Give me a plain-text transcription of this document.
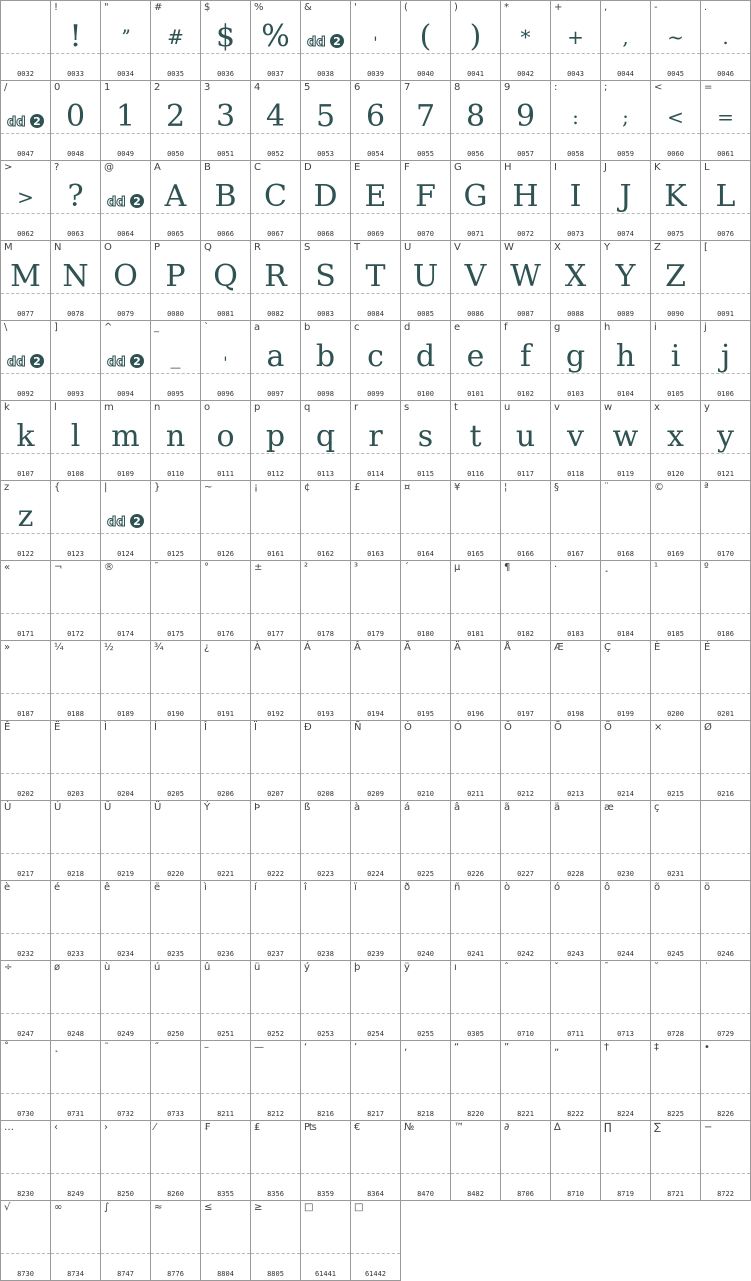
0032
!
!
0033
"
ˮ
0034
#
#
0035
$
$
0036
%
%
0037
&
dd 2
0038
'
'
0039
(
(
0040
)
)
0041
*
*
0042
+
+
0043
,
,
0044
-
~
0045
.
.
0046
/
dd 2
0047
0
0
0048
1
1
0049
2
2
0050
3
3
0051
4
4
0052
5
5
0053
6
6
0054
7
7
0055
8
8
0056
9
9
0057
:
:
0058
;
;
0059
<
<
0060
=
=
0061
>
>
0062
?
?
0063
@
dd 2
0064
A
A
0065
B
B
0066
C
C
0067
D
D
0068
E
E
0069
F
F
0070
G
G
0071
H
H
0072
I
I
0073
J
J
0074
K
K
0075
L
L
0076
M
M
0077
N
N
0078
O
O
0079
P
P
0080
Q
Q
0081
R
R
0082
S
S
0083
T
T
0084
U
U
0085
V
V
0086
W
W
0087
X
X
0088
Y
Y
0089
Z
Z
0090
[
0091
\
dd 2
0092
]
0093
^
dd 2
0094
_
_
0095
`
'
0096
a
a
0097
b
b
0098
c
c
0099
d
d
0100
e
e
0101
f
f
0102
g
g
0103
h
h
0104
i
i
0105
j
j
0106
k
k
0107
l
l
0108
m
m
0109
n
n
0110
o
o
0111
p
p
0112
q
q
0113
r
r
0114
s
s
0115
t
t
0116
u
u
0117
v
v
0118
w
w
0119
x
x
0120
y
y
0121
z
z
0122
{
0123
|
dd 2
0124
}
0125
~
0126
¡
0161
¢
0162
£
0163
¤
0164
¥
0165
¦
0166
§
0167
¨
0168
©
0169
ª
0170
«
0171
¬
0172
®
0174
¯
0175
°
0176
±
0177
²
0178
³
0179
´
0180
µ
0181
¶
0182
·
0183
¸
0184
¹
0185
º
0186
»
0187
¼
0188
½
0189
¾
0190
¿
0191
À
0192
Á
0193
Â
0194
Ã
0195
Ä
0196
Å
0197
Æ
0198
Ç
0199
È
0200
É
0201
Ê
0202
Ë
0203
Ì
0204
Í
0205
Î
0206
Ï
0207
Ð
0208
Ñ
0209
Ò
0210
Ó
0211
Ô
0212
Õ
0213
Ö
0214
×
0215
Ø
0216
Ù
0217
Ú
0218
Û
0219
Ü
0220
Ý
0221
Þ
0222
ß
0223
à
0224
á
0225
â
0226
ã
0227
ä
0228
æ
0230
ç
0231
è
0232
é
0233
ê
0234
ë
0235
ì
0236
í
0237
î
0238
ï
0239
ð
0240
ñ
0241
ò
0242
ó
0243
ô
0244
õ
0245
ö
0246
÷
0247
ø
0248
ù
0249
ú
0250
û
0251
ü
0252
ý
0253
þ
0254
ÿ
0255
ı
0305
ˆ
0710
ˇ
0711
ˉ
0713
˘
0728
˙
0729
˚
0730
˛
0731
˜
0732
˝
0733
–
8211
—
8212
‘
8216
’
8217
‚
8218
“
8220
”
8221
„
8222
†
8224
‡
8225
•
8226
…
8230
‹
8249
›
8250
⁄
8260
₣
8355
₤
8356
₧
8359
€
8364
№
8470
™
8482
∂
8706
∆
8710
∏
8719
∑
8721
−
8722
√
8730
∞
8734
∫
8747
≈
8776
≤
8804
≥
8805
□
61441
□
61442
